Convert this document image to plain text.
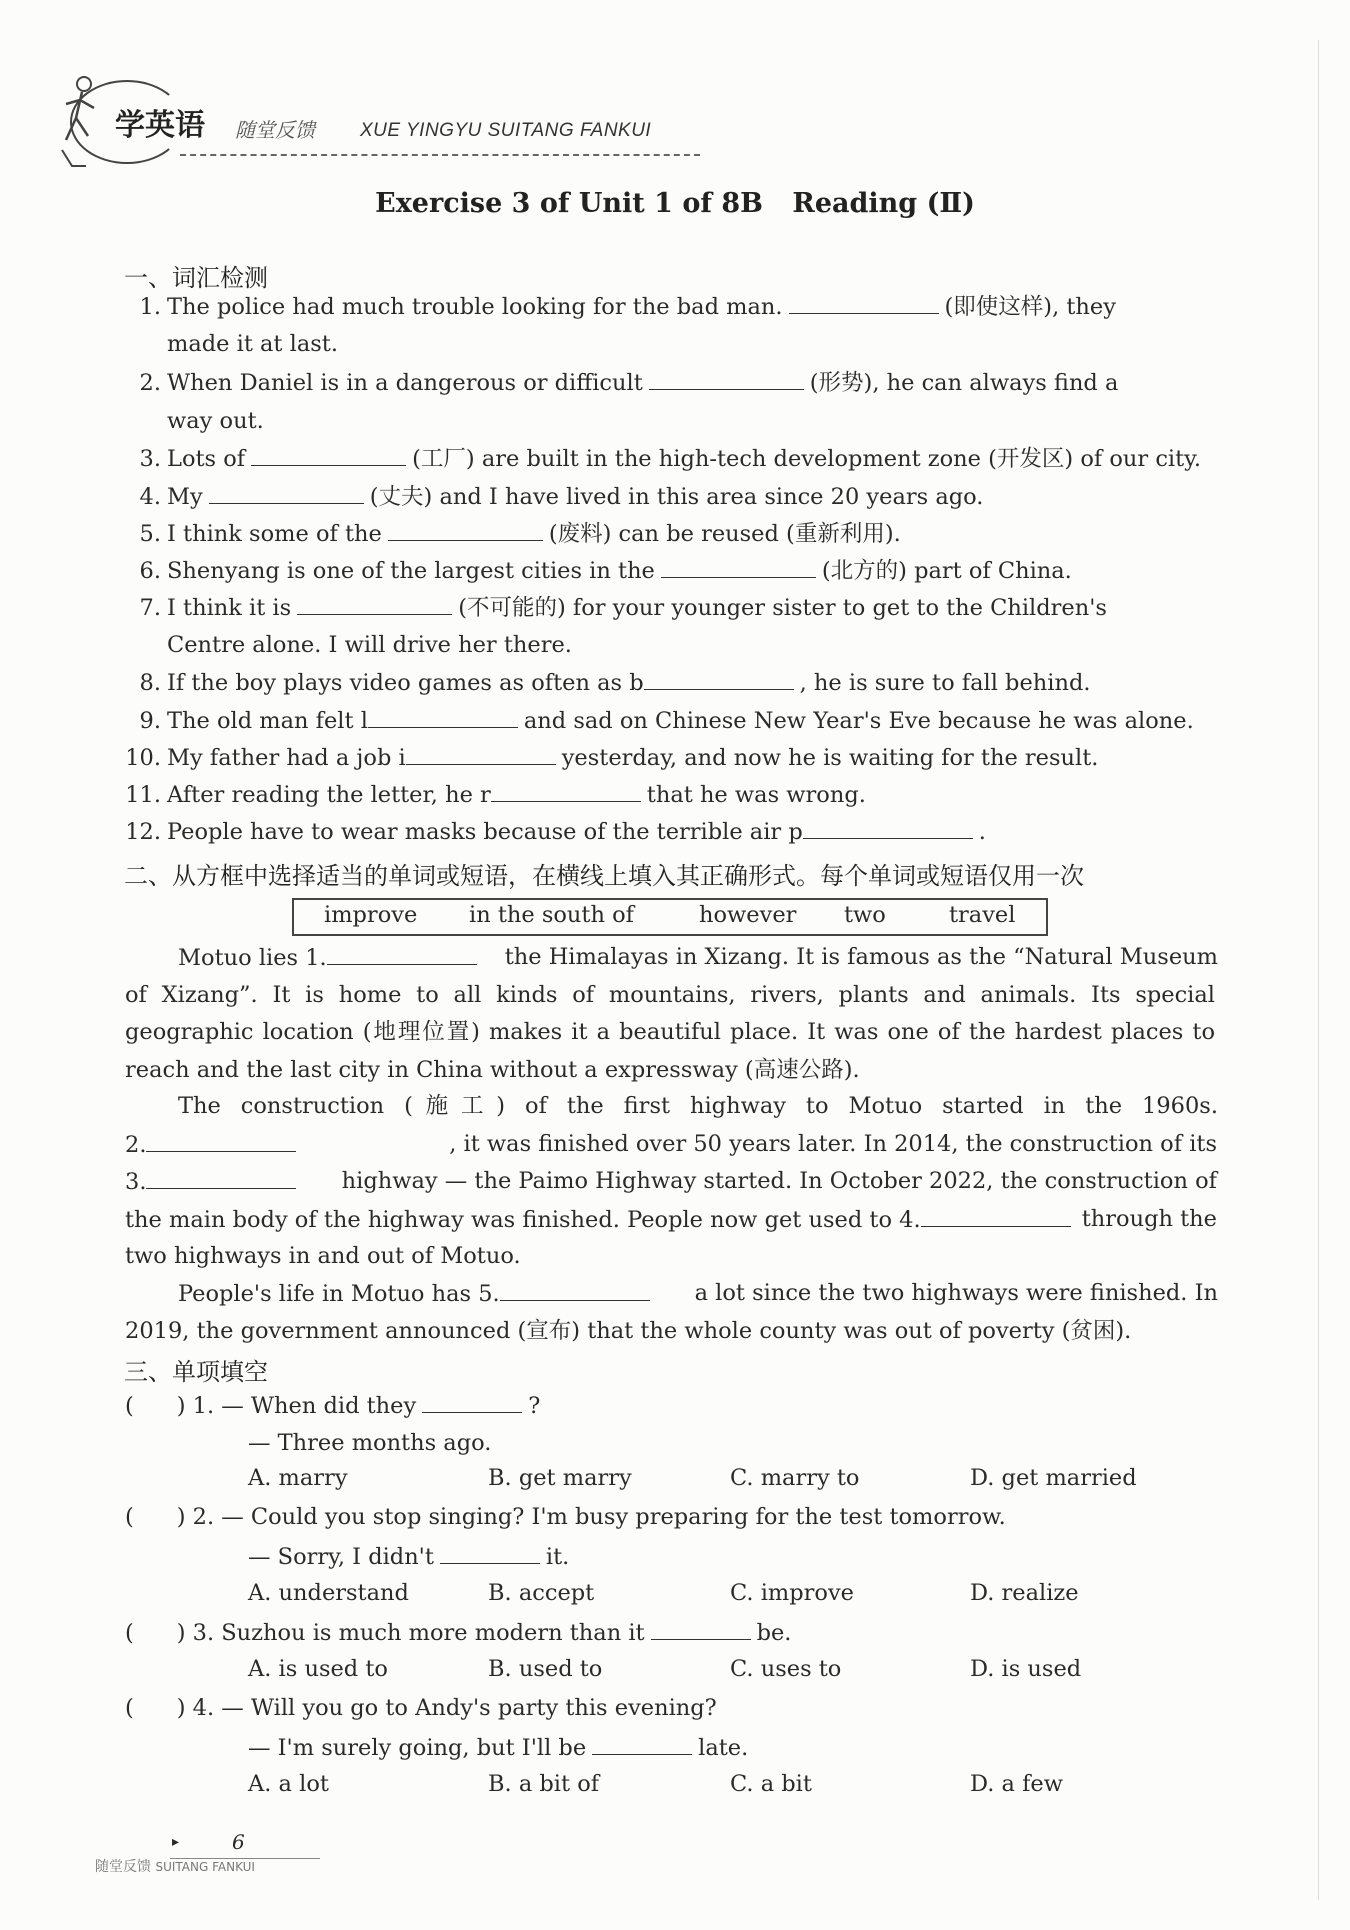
学英语 随堂反馈 XUE YINGYU SUITANG FANKUI
Exercise 3 of Unit 1 of 8B Reading (Ⅱ)
一、词汇检测
1. The police had much trouble looking for the bad man.	(即使这样), they
made it at last.
2. When Daniel is in a dangerous or difficult	(形势), he can always find a
way out.
3. Lots of	(工厂) are built in the high-tech development zone (开发区) of our city.
4. My	(丈夫) and I have lived in this area since 20 years ago.
5. I think some of the	(废料) can be reused (重新利用).
6. Shenyang is one of the largest cities in the	(北方的) part of China.
7. I think it is	(不可能的) for your younger sister to get to the Children's
Centre alone. I will drive her there.
8. If the boy plays video games as often as b	, he is sure to fall behind.
9. The old man felt l	and sad on Chinese New Year's Eve because he was alone.
10. My father had a job i	yesterday, and now he is waiting for the result.
11. After reading the letter, he r	that he was wrong.
12. People have to wear masks because of the terrible air p	.
二、从方框中选择适当的单词或短语，在横线上填入其正确形式。每个单词或短语仅用一次
improve in the south of	however two	travel
Motuo lies 1.	the Himalayas in Xizang. It is famous as the “Natural Museum
of Xizang”. It is home to all kinds of mountains, rivers, plants and animals. Its special
geographic location (地理位置) makes it a beautiful place. It was one of the hardest places to
reach and the last city in China without a expressway (高速公路).
The construction (施工) of the first highway to Motuo started in the 1960s.
2.	, it was finished over 50 years later. In 2014, the construction of its
3.	highway — the Paimo Highway started. In October 2022, the construction of
the main body of the highway was finished. People now get used to 4.	through the
two highways in and out of Motuo.
People's life in Motuo has 5.	a lot since the two highways were finished. In
2019, the government announced (宣布) that the whole county was out of poverty (贫困).
三、单项填空
(      ) 1. — When did they	?
— Three months ago.
A. marry	B. get marry	C. marry to	D. get married
(      ) 2. — Could you stop singing? I'm busy preparing for the test tomorrow.
— Sorry, I didn't	it.
A. understand	B. accept	C. improve	D. realize
(      ) 3. Suzhou is much more modern than it	be.
A. is used to	B. used to	C. uses to	D. is used
(      ) 4. — Will you go to Andy's party this evening?
— I'm surely going, but I'll be	late.
A. a lot	B. a bit of	C. a bit	D. a few
▸	6
随堂反馈 SUITANG FANKUI
